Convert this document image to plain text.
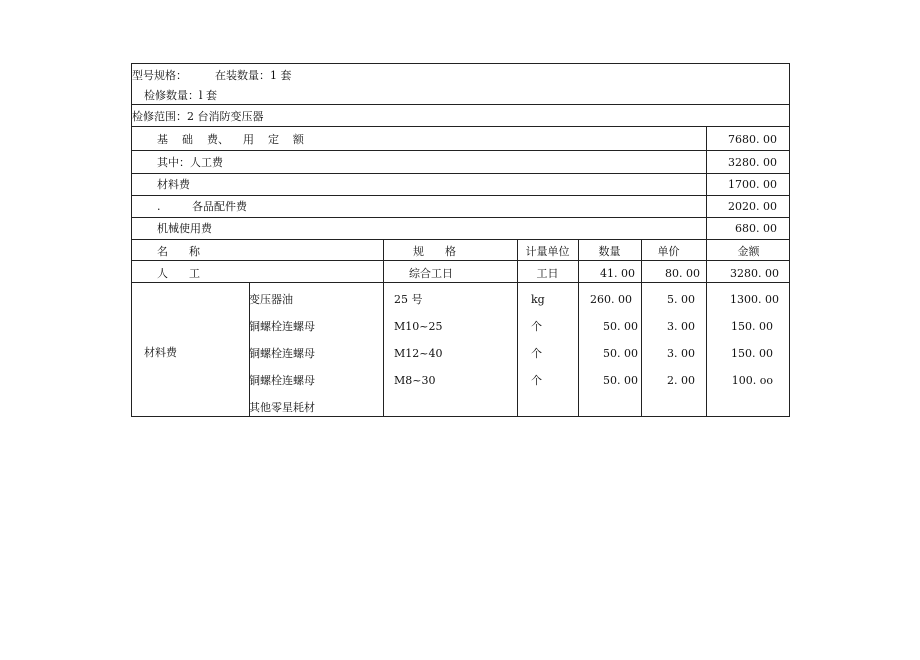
型号规格：	在装数量：1 套
检修数量：l 套
检修范围：2 台消防变压器
基    础    费、    用    定    额	7680. 00
其中：人工费	3280. 00
材料费	1700. 00
.	各品配件费	2020. 00
机械使用费	680. 00
名      称	规      格	计量单位	数量	单价	金额
人      工	综合工日	工日	41. 00	80. 00	3280. 00
材料费
变压器油	25 号	kg	260. 00	5. 00	1300. 00
铜螺栓连螺母	M10~25	个	50. 00	3. 00	150. 00
铜螺栓连螺母	M12~40	个	50. 00	3. 00	150. 00
铜螺栓连螺母	M8~30	个	50. 00	2. 00	100. oo
其他零星耗材
